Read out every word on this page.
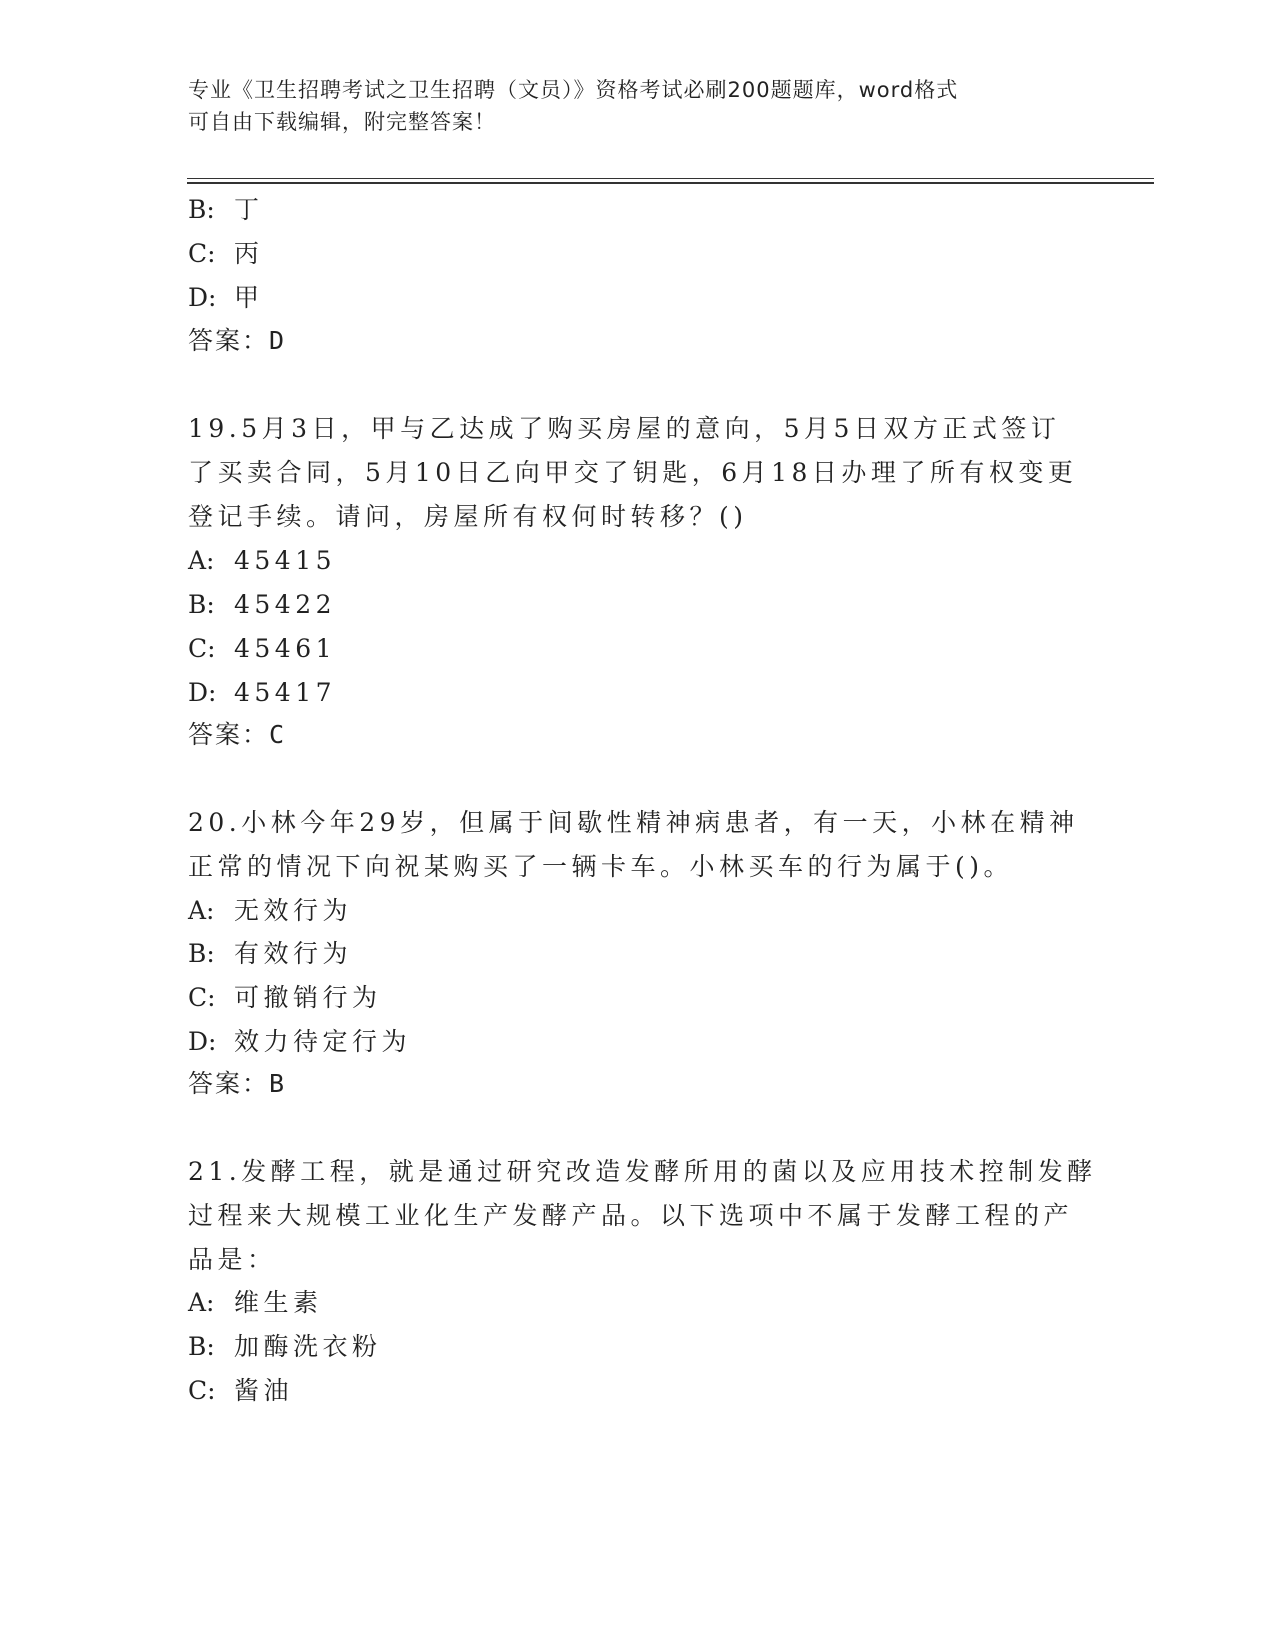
专业《卫生招聘考试之卫生招聘（文员）》资格考试必刷200题题库，word格式
可自由下载编辑，附完整答案！
B: 丁
C: 丙
D: 甲
答案：D
19.5月3日，甲与乙达成了购买房屋的意向，5月5日双方正式签订
了买卖合同，5月10日乙向甲交了钥匙，6月18日办理了所有权变更
登记手续。请问，房屋所有权何时转移？()
A: 45415
B: 45422
C: 45461
D: 45417
答案：C
20.小林今年29岁，但属于间歇性精神病患者，有一天，小林在精神
正常的情况下向祝某购买了一辆卡车。小林买车的行为属于()。
A: 无效行为
B: 有效行为
C: 可撤销行为
D: 效力待定行为
答案：B
21.发酵工程，就是通过研究改造发酵所用的菌以及应用技术控制发酵
过程来大规模工业化生产发酵产品。以下选项中不属于发酵工程的产
品是：
A: 维生素
B: 加酶洗衣粉
C: 酱油
